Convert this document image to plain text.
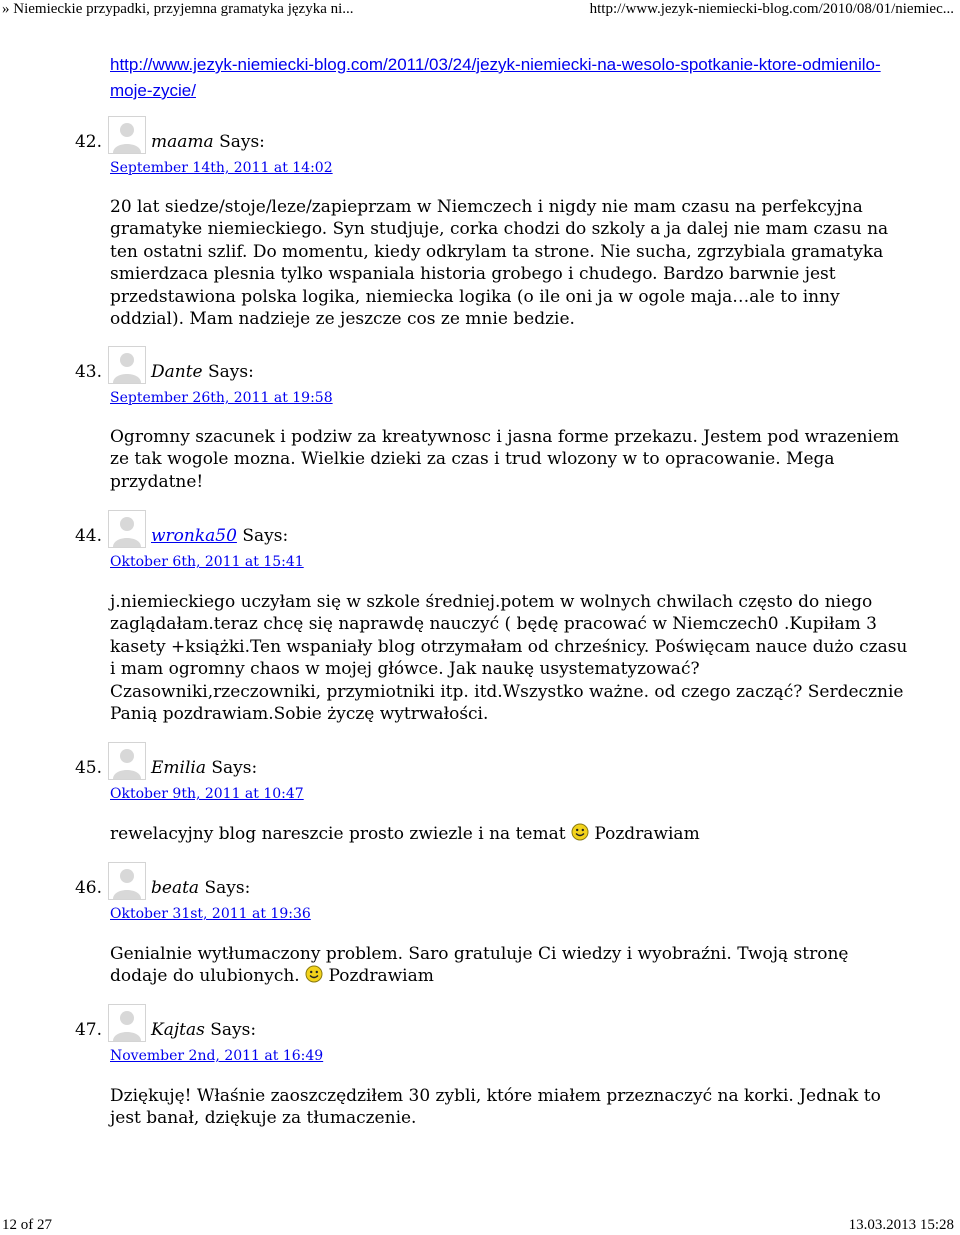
» Niemieckie przypadki, przyjemna gramatyka języka ni...	http://www.jezyk-niemiecki-blog.com/2010/08/01/niemiec...
http://www.jezyk-niemiecki-blog.com/2011/03/24/jezyk-niemiecki-na-wesolo-spotkanie-ktore-odmienilo-moje-zycie/
42.	maama Says:
September 14th, 2011 at 14:02
20 lat siedze/stoje/leze/zapieprzam w Niemczech i nigdy nie mam czasu na perfekcyjna gramatyke niemieckiego. Syn studjuje, corka chodzi do szkoly a ja dalej nie mam czasu na ten ostatni szlif. Do momentu, kiedy odkrylam ta strone. Nie sucha, zgrzybiala gramatyka smierdzaca plesnia tylko wspaniala historia grobego i chudego. Bardzo barwnie jest przedstawiona polska logika, niemiecka logika (o ile oni ja w ogole maja…ale to inny oddzial). Mam nadzieje ze jeszcze cos ze mnie bedzie.
43.	Dante Says:
September 26th, 2011 at 19:58
Ogromny szacunek i podziw za kreatywnosc i jasna forme przekazu. Jestem pod wrazeniem ze tak wogole mozna. Wielkie dzieki za czas i trud wlozony w to opracowanie. Mega przydatne!
44.	wronka50 Says:
Oktober 6th, 2011 at 15:41
j.niemieckiego uczyłam się w szkole średniej.potem w wolnych chwilach często do niego zaglądałam.teraz chcę się naprawdę nauczyć ( będę pracować w Niemczech0 .Kupiłam 3 kasety +książki.Ten wspaniały blog otrzymałam od chrześnicy. Poświęcam nauce dużo czasu i mam ogromny chaos w mojej główce. Jak naukę usystematyzować? Czasowniki,rzeczowniki, przymiotniki itp. itd.Wszystko ważne. od czego zacząć? Serdecznie Panią pozdrawiam.Sobie życzę wytrwałości.
45.	Emilia Says:
Oktober 9th, 2011 at 10:47
rewelacyjny blog nareszcie prosto zwiezle i na temat Pozdrawiam
46.	beata Says:
Oktober 31st, 2011 at 19:36
Genialnie wytłumaczony problem. Saro gratuluje Ci wiedzy i wyobraźni. Twoją stronę dodaje do ulubionych. Pozdrawiam
47.	Kajtas Says:
November 2nd, 2011 at 16:49
Dziękuję! Właśnie zaoszczędziłem 30 zybli, które miałem przeznaczyć na korki. Jednak to jest banał, dziękuje za tłumaczenie.
12 of 27	13.03.2013 15:28
